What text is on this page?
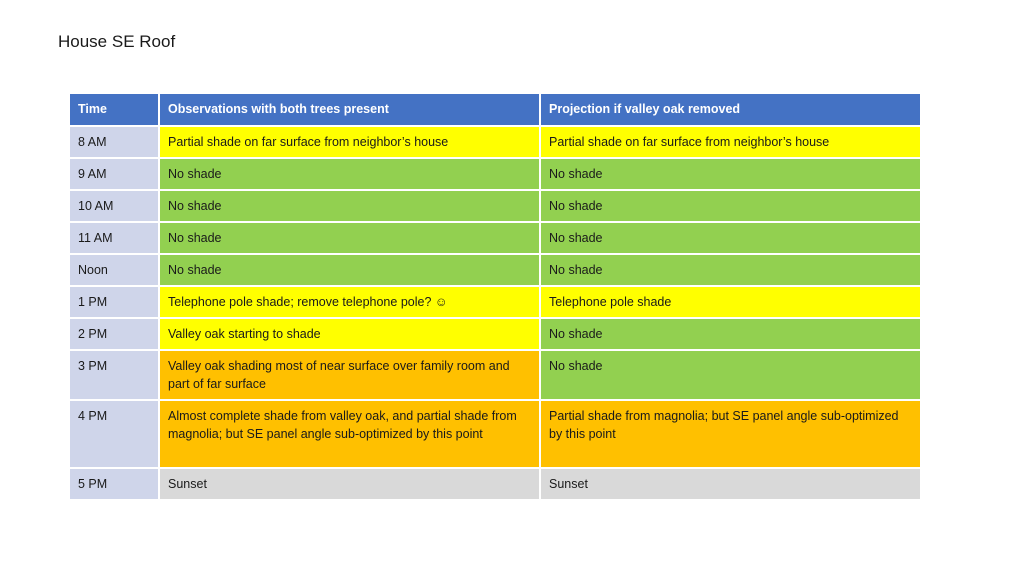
House SE Roof
Time	Observations with both trees present	Projection if valley oak removed
8 AM	Partial shade on far surface from neighbor’s house	Partial shade on far surface from neighbor’s house
9 AM	No shade	No shade
10 AM	No shade	No shade
11 AM	No shade	No shade
Noon	No shade	No shade
1 PM	Telephone pole shade; remove telephone pole? ☺	Telephone pole shade
2 PM	Valley oak starting to shade	No shade
3 PM	Valley oak shading most of near surface over family room and part of far surface	No shade
4 PM	Almost complete shade from valley oak, and partial shade from magnolia; but SE panel angle sub-optimized by this point	Partial shade from magnolia; but SE panel angle sub-optimized by this point
5 PM	Sunset	Sunset
